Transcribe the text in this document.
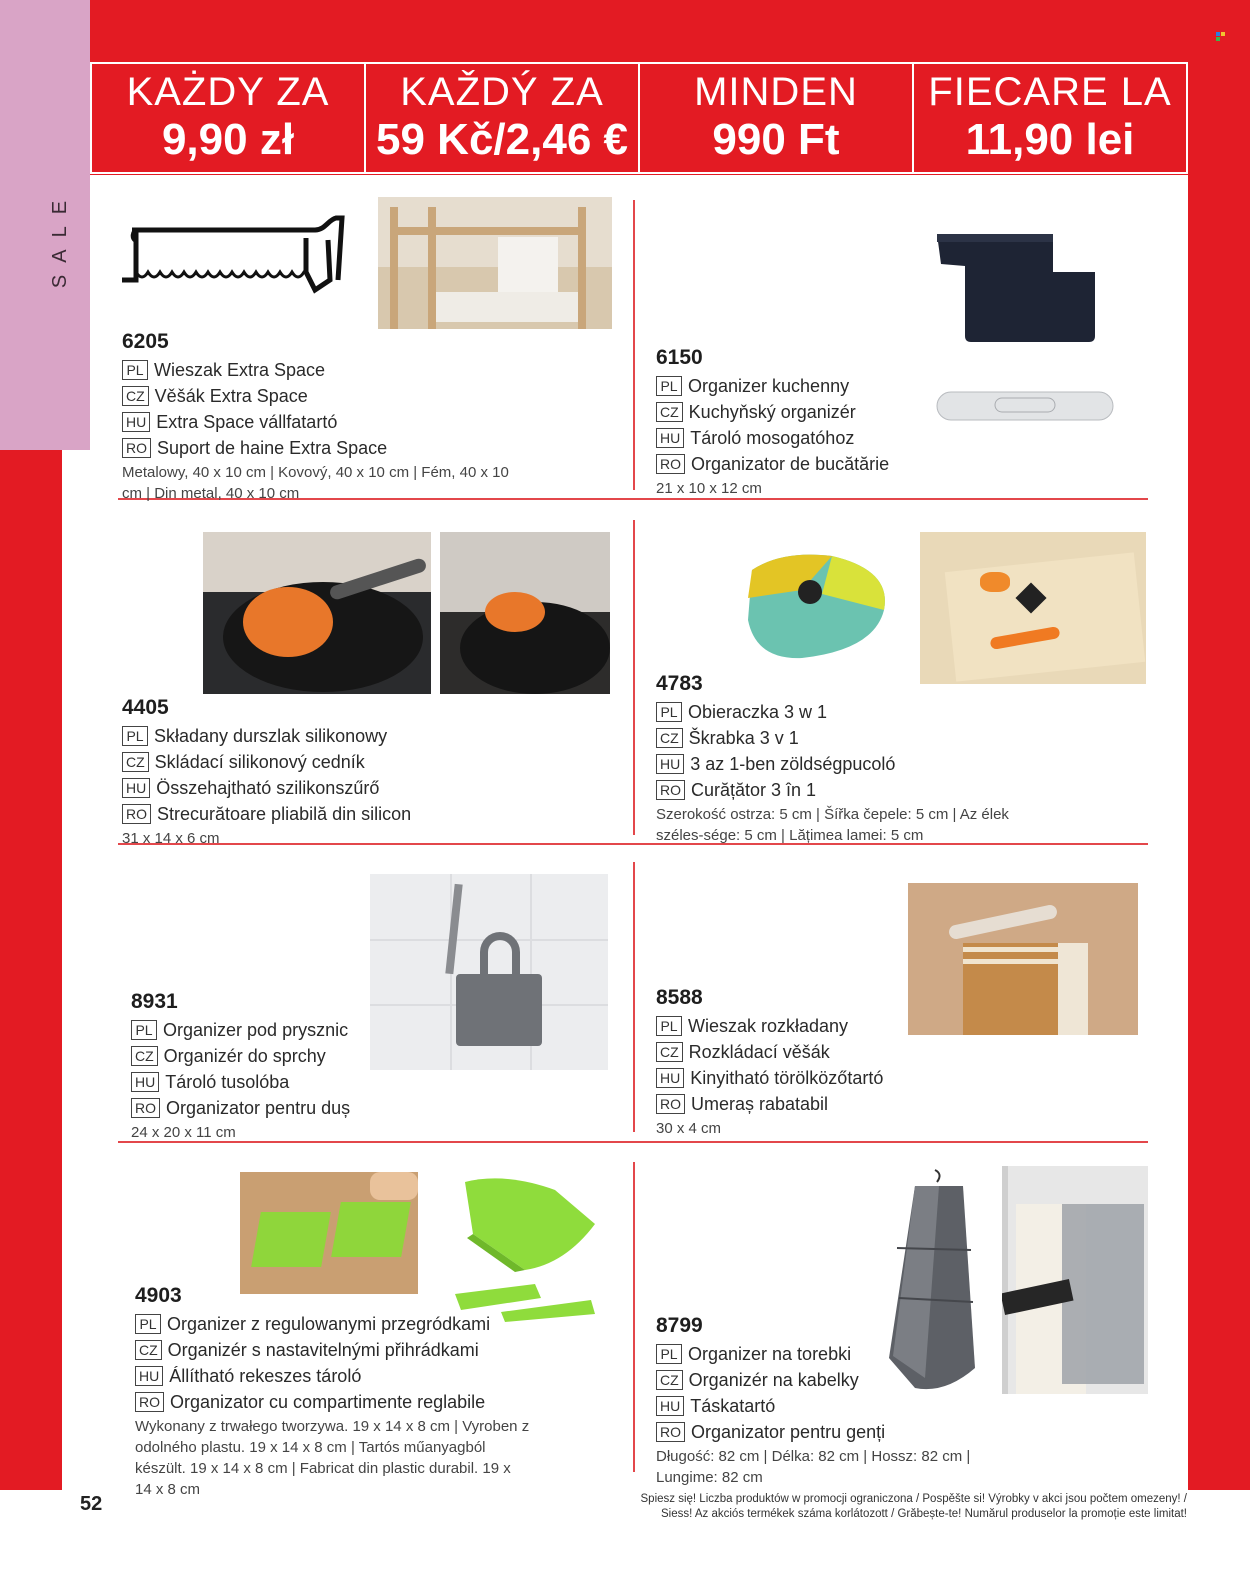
SALE
KAŻDY ZA
9,90 zł
KAŽDÝ ZA
59 Kč/2,46 €
MINDEN
990 Ft
FIECARE LA
11,90 lei
6205
PL Wieszak Extra Space
CZ Věšák Extra Space
HU Extra Space vállfatartó
RO Suport de haine Extra Space
Metalowy, 40 x 10 cm | Kovový, 40 x 10 cm | Fém, 40 x 10 cm | Din metal, 40 x 10 cm
6150
PL Organizer kuchenny
CZ Kuchyňský organizér
HU Tároló mosogatóhoz
RO Organizator de bucătărie
21 x 10 x 12 cm
4405
PL Składany durszlak silikonowy
CZ Skládací silikonový cedník
HU Összehajtható szilikonszűrő
RO Strecurătoare pliabilă din silicon
31 x 14 x 6 cm
4783
PL Obieraczka 3 w 1
CZ Škrabka 3 v 1
HU 3 az 1-ben zöldségpucoló
RO Curățător 3 în 1
Szerokość ostrza: 5 cm | Šířka čepele: 5 cm | Az élek széles-sége: 5 cm | Lățimea lamei: 5 cm
8931
PL Organizer pod prysznic
CZ Organizér do sprchy
HU Tároló tusolóba
RO Organizator pentru duș
24 x 20 x 11 cm
8588
PL Wieszak rozkładany
CZ Rozkládací věšák
HU Kinyitható törölközőtartó
RO Umeraș rabatabil
30 x 4 cm
4903
PL Organizer z regulowanymi przegródkami
CZ Organizér s nastavitelnými přihrádkami
HU Állítható rekeszes tároló
RO Organizator cu compartimente reglabile
Wykonany z trwałego tworzywa. 19 x 14 x 8 cm | Vyroben z odolného plastu. 19 x 14 x 8 cm | Tartós műanyagból készült. 19 x 14 x 8 cm | Fabricat din plastic durabil. 19 x 14 x 8 cm
8799
PL Organizer na torebki
CZ Organizér na kabelky
HU Táskatartó
RO Organizator pentru genți
Długość: 82 cm | Délka: 82 cm | Hossz: 82 cm | Lungime: 82 cm
52	Spiesz się! Liczba produktów w promocji ograniczona / Pospěšte si! Výrobky v akci jsou počtem omezeny! /
Siess! Az akciós termékek száma korlátozott / Grăbește-te! Numărul produselor la promoție este limitat!
